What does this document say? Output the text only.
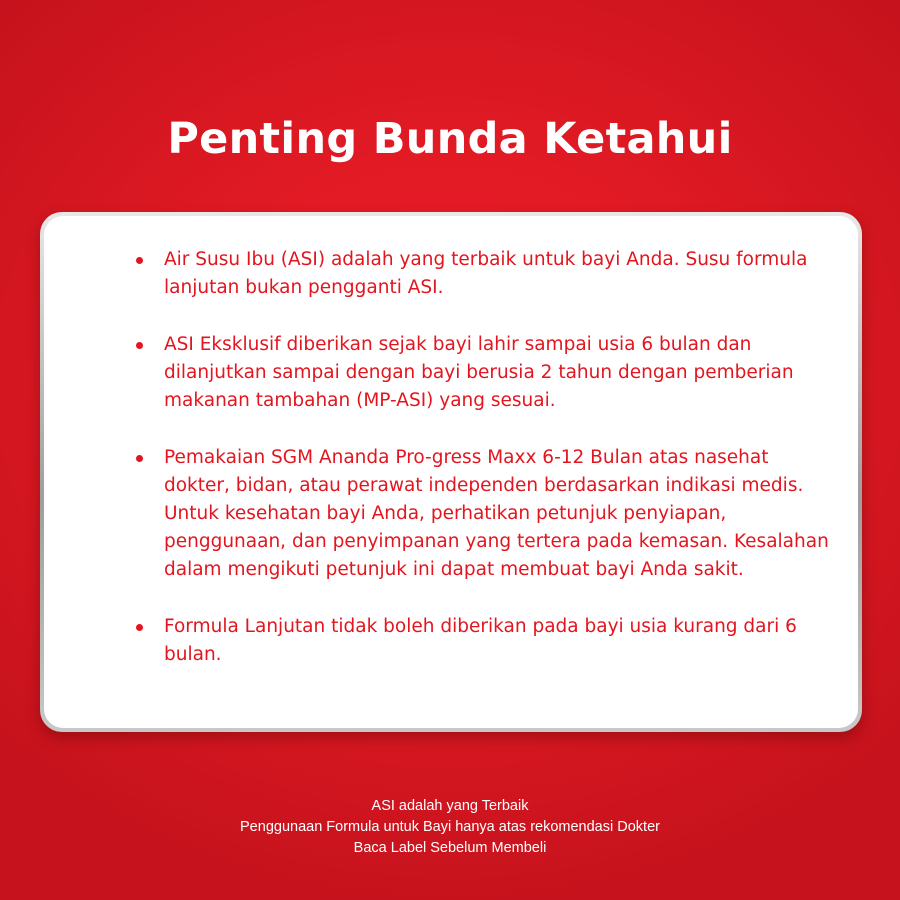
Penting Bunda Ketahui
Air Susu Ibu (ASI) adalah yang terbaik untuk bayi Anda. Susu formula lanjutan bukan pengganti ASI.
ASI Eksklusif diberikan sejak bayi lahir sampai usia 6 bulan dan dilanjutkan sampai dengan bayi berusia 2 tahun dengan pemberian makanan tambahan (MP-ASI) yang sesuai.
Pemakaian SGM Ananda Pro-gress Maxx 6-12 Bulan atas nasehat dokter, bidan, atau perawat independen berdasarkan indikasi medis. Untuk kesehatan bayi Anda, perhatikan petunjuk penyiapan, penggunaan, dan penyimpanan yang tertera pada kemasan. Kesalahan dalam mengikuti petunjuk ini dapat membuat bayi Anda sakit.
Formula Lanjutan tidak boleh diberikan pada bayi usia kurang dari 6 bulan.
ASI adalah yang Terbaik
Penggunaan Formula untuk Bayi hanya atas rekomendasi Dokter
Baca Label Sebelum Membeli
